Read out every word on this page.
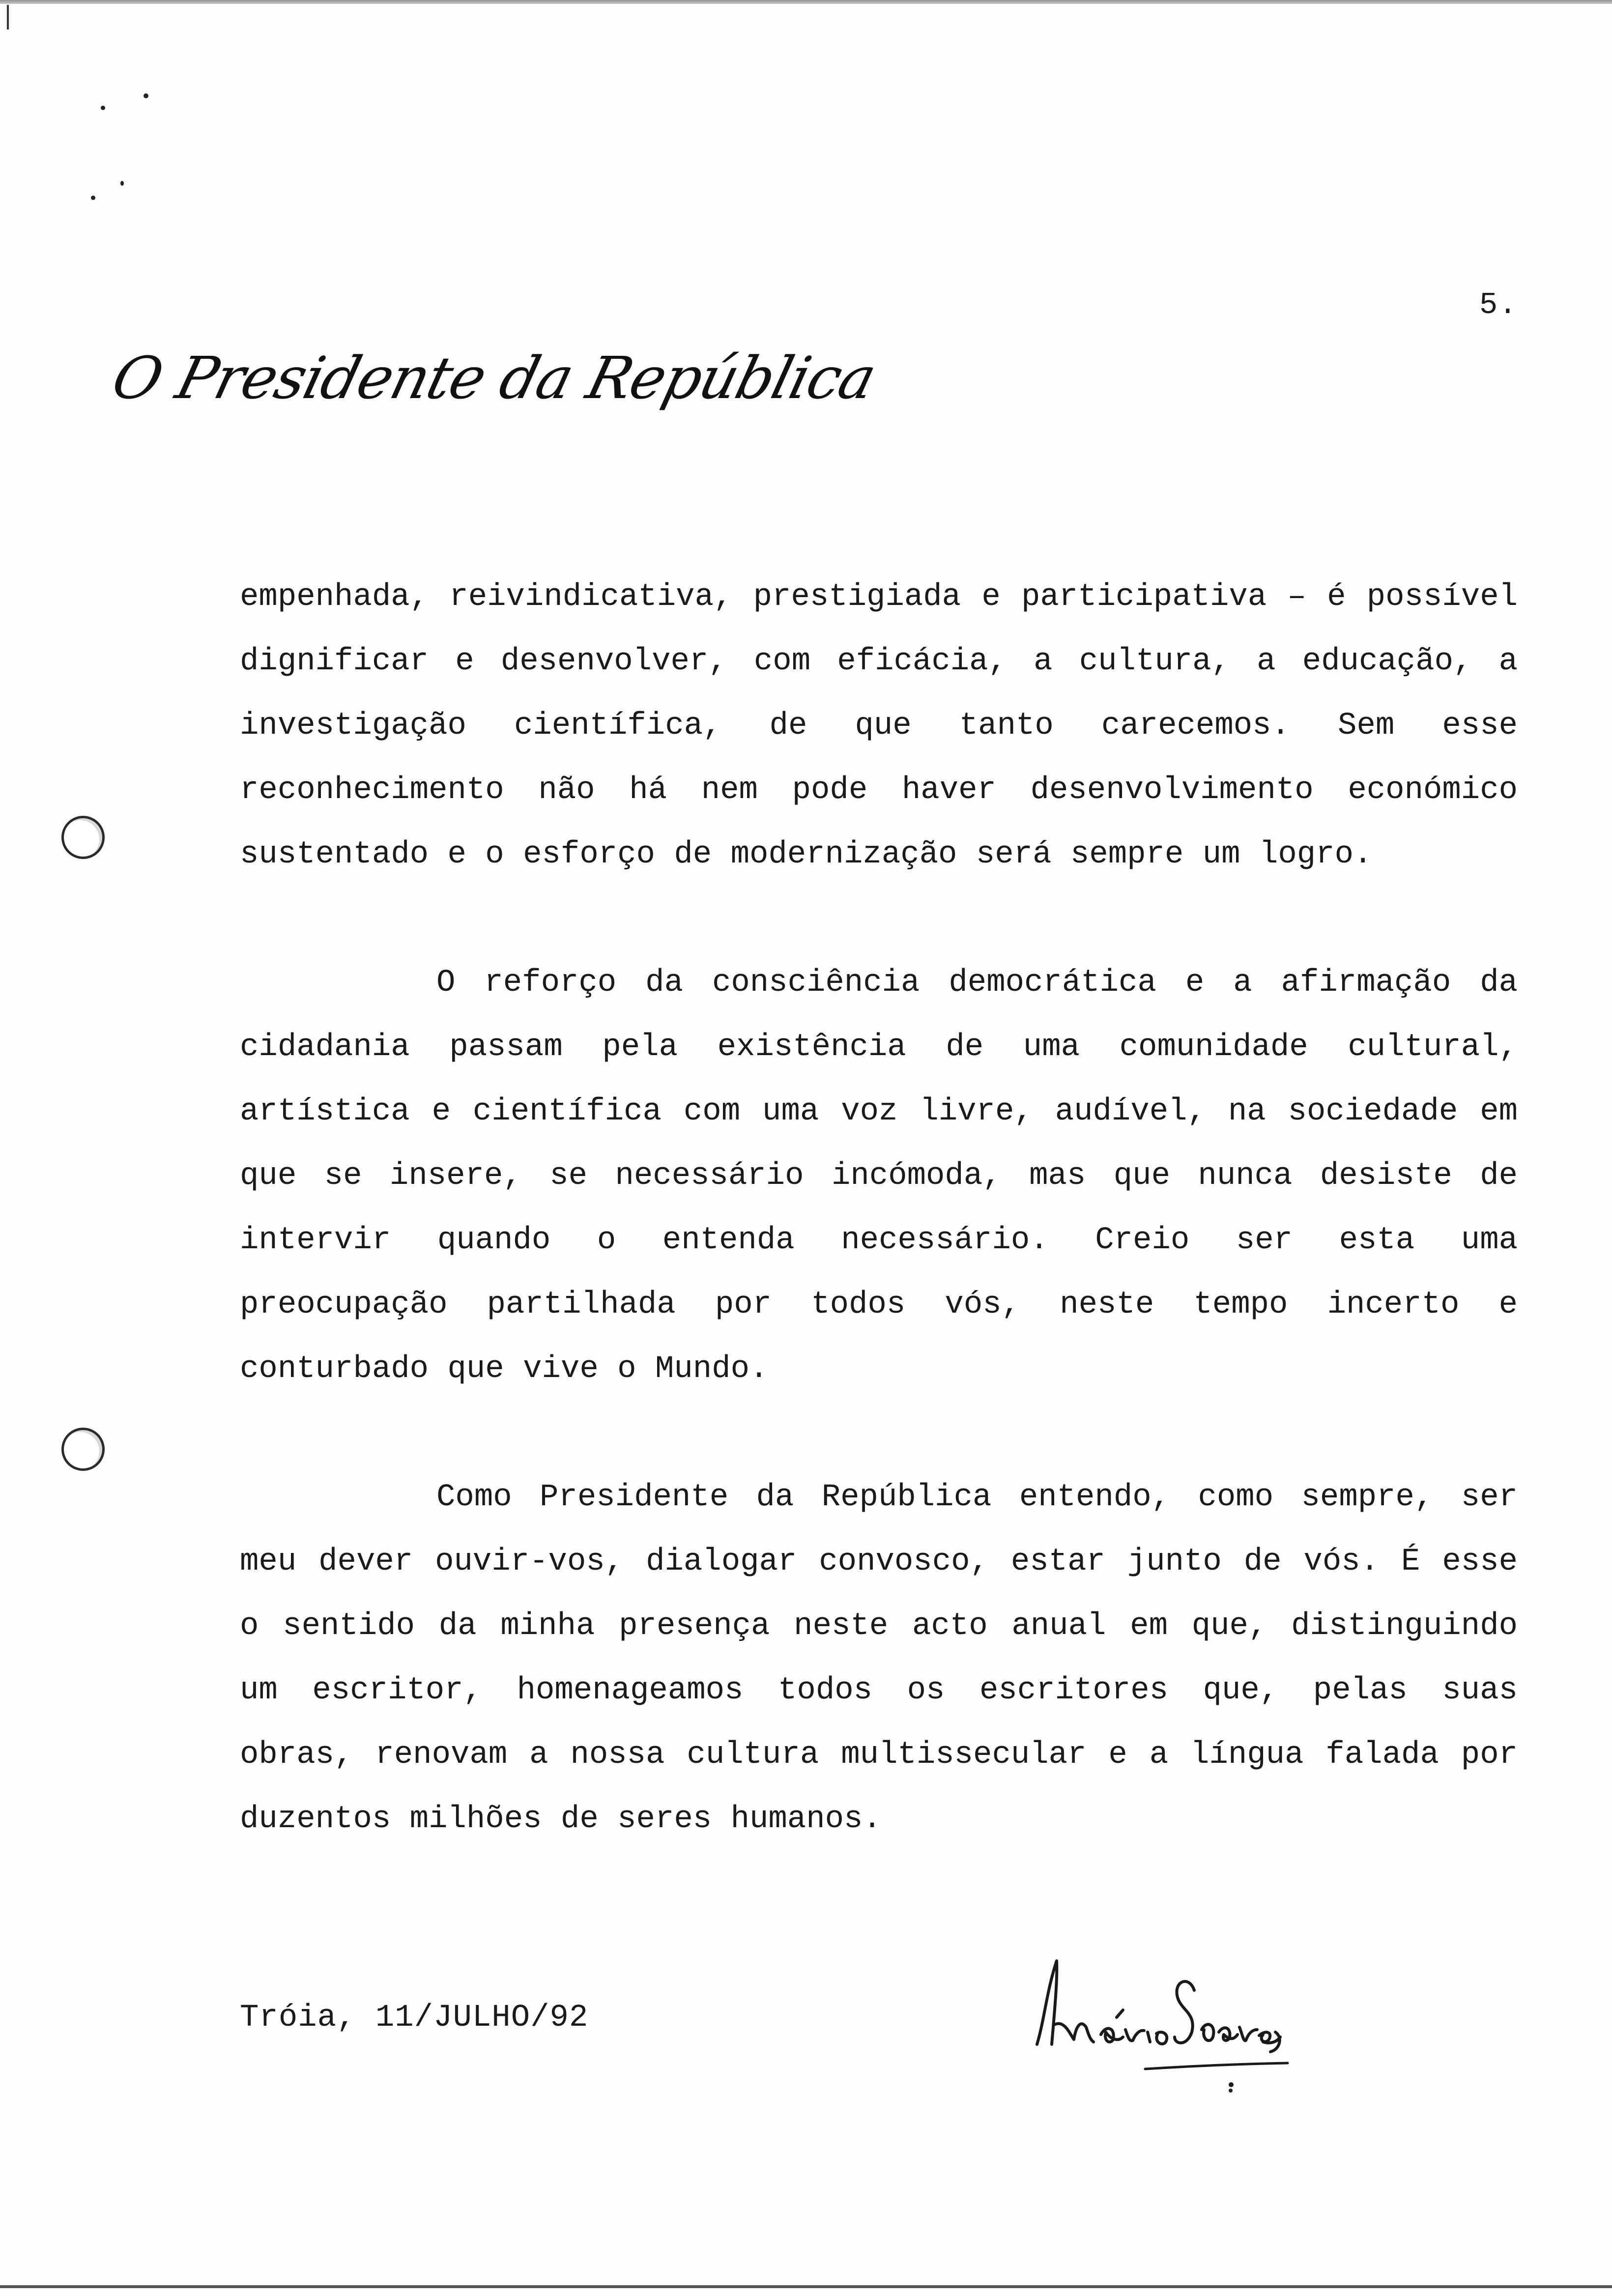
5.
O Presidente da República

empenhada, reivindicativa, prestigiada e participativa – é possível dignificar e desenvolver, com eficácia, a cultura, a educação, a investigação científica, de que tanto carecemos. Sem esse reconhecimento não há nem pode haver desenvolvimento económico sustentado e o esforço de modernização será sempre um logro.

O reforço da consciência democrática e a afirmação da cidadania passam pela existência de uma comunidade cultural, artística e científica com uma voz livre, audível, na sociedade em que se insere, se necessário incómoda, mas que nunca desiste de intervir quando o entenda necessário. Creio ser esta uma preocupação partilhada por todos vós, neste tempo incerto e conturbado que vive o Mundo.

Como Presidente da República entendo, como sempre, ser meu dever ouvir-vos, dialogar convosco, estar junto de vós. É esse o sentido da minha presença neste acto anual em que, distinguindo um escritor, homenageamos todos os escritores que, pelas suas obras, renovam a nossa cultura multissecular e a língua falada por duzentos milhões de seres humanos.

Tróia, 11/JULHO/92
